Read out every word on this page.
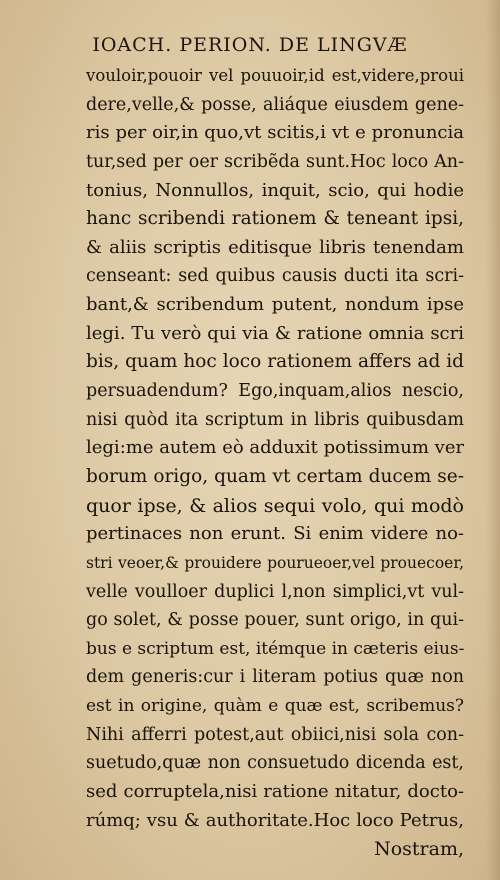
IOACH. PERION. DE LINGVÆ
vouloir,pouoir vel pouuoir,id est,videre,proui
dere,velle,& posse, aliáque eiusdem gene-
ris per oir,in quo,vt scitis,i vt e pronuncia
tur,sed per oer scribẽda sunt.Hoc loco An-
tonius, Nonnullos, inquit, scio, qui hodie
hanc scribendi rationem & teneant ipsi,
& aliis scriptis editisque libris tenendam
censeant: sed quibus causis ducti ita scri-
bant,& scribendum putent, nondum ipse
legi. Tu verò qui via & ratione omnia scri
bis, quam hoc loco rationem affers ad id
persuadendum? Ego,inquam,alios nescio,
nisi quòd ita scriptum in libris quibusdam
legi:me autem eò adduxit potissimum ver
borum origo, quam vt certam ducem se-
quor ipse, & alios sequi volo, qui modò
pertinaces non erunt. Si enim videre no-
stri veoer,& prouidere pourueoer,vel prouecoer,
velle voulloer duplici l,non simplici,vt vul-
go solet, & posse pouer, sunt origo, in qui-
bus e scriptum est, itémque in cæteris eius-
dem generis:cur i literam potius quæ non
est in origine, quàm e quæ est, scribemus?
Nihi afferri potest,aut obiici,nisi sola con-
suetudo,quæ non consuetudo dicenda est,
sed corruptela,nisi ratione nitatur, docto-
rúmq; vsu & authoritate.Hoc loco Petrus,
Nostram,
